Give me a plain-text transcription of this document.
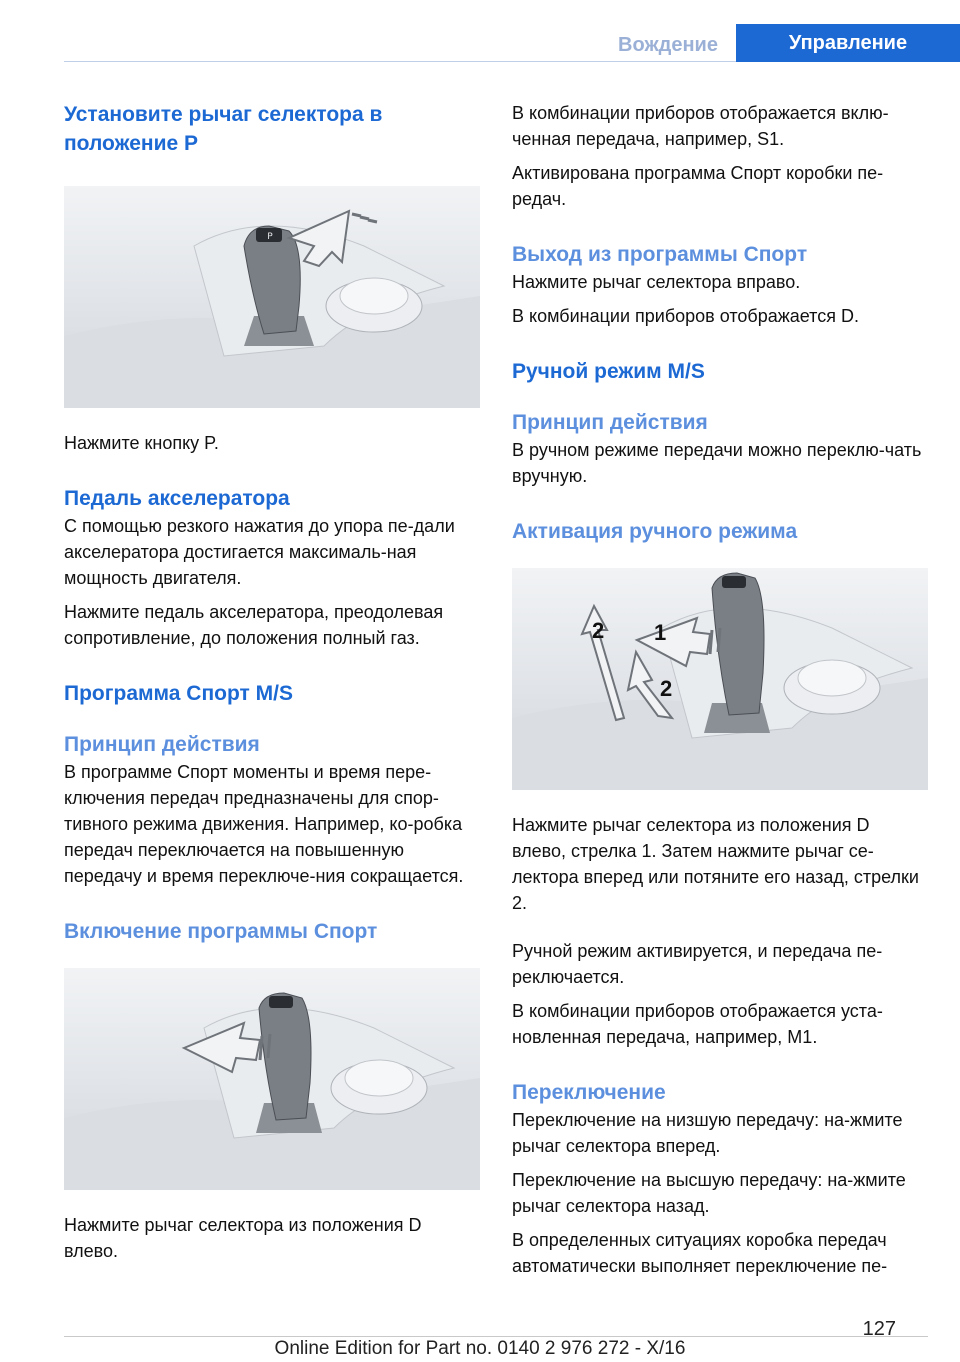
Вождение	Управление
Установите рычаг селектора в положение P
P

Нажмите кнопку P.

Педаль акселератора

С помощью резкого нажатия до упора пе-дали акселератора достигается максималь-ная мощность двигателя.

Нажмите педаль акселератора, преодолевая сопротивление, до положения полный газ.

Программа Спорт M/S
Принцип действия

В программе Спорт моменты и время пере-ключения передач предназначены для спор-тивного режима движения. Например, ко-робка передач переключается на повышенную передачу и время переключе-ния сокращается.

Включение программы Спорт

Нажмите рычаг селектора из положения D влево.

В комбинации приборов отображается вклю-ченная передача, например, S1.

Активирована программа Спорт коробки пе-редач.

Выход из программы Спорт

Нажмите рычаг селектора вправо.

В комбинации приборов отображается D.

Ручной режим M/S
Принцип действия

В ручном режиме передачи можно переклю-чать вручную.

Активация ручного режима
1
2
2

Нажмите рычаг селектора из положения D влево, стрелка 1. Затем нажмите рычаг се-лектора вперед или потяните его назад, стрелки 2.

Ручной режим активируется, и передача пе-реключается.

В комбинации приборов отображается уста-новленная передача, например, M1.

Переключение

Переключение на низшую передачу: на-жмите рычаг селектора вперед.

Переключение на высшую передачу: на-жмите рычаг селектора назад.

В определенных ситуациях коробка передач автоматически выполняет переключение пе-

127
Online Edition for Part no. 0140 2 976 272 - X/16
